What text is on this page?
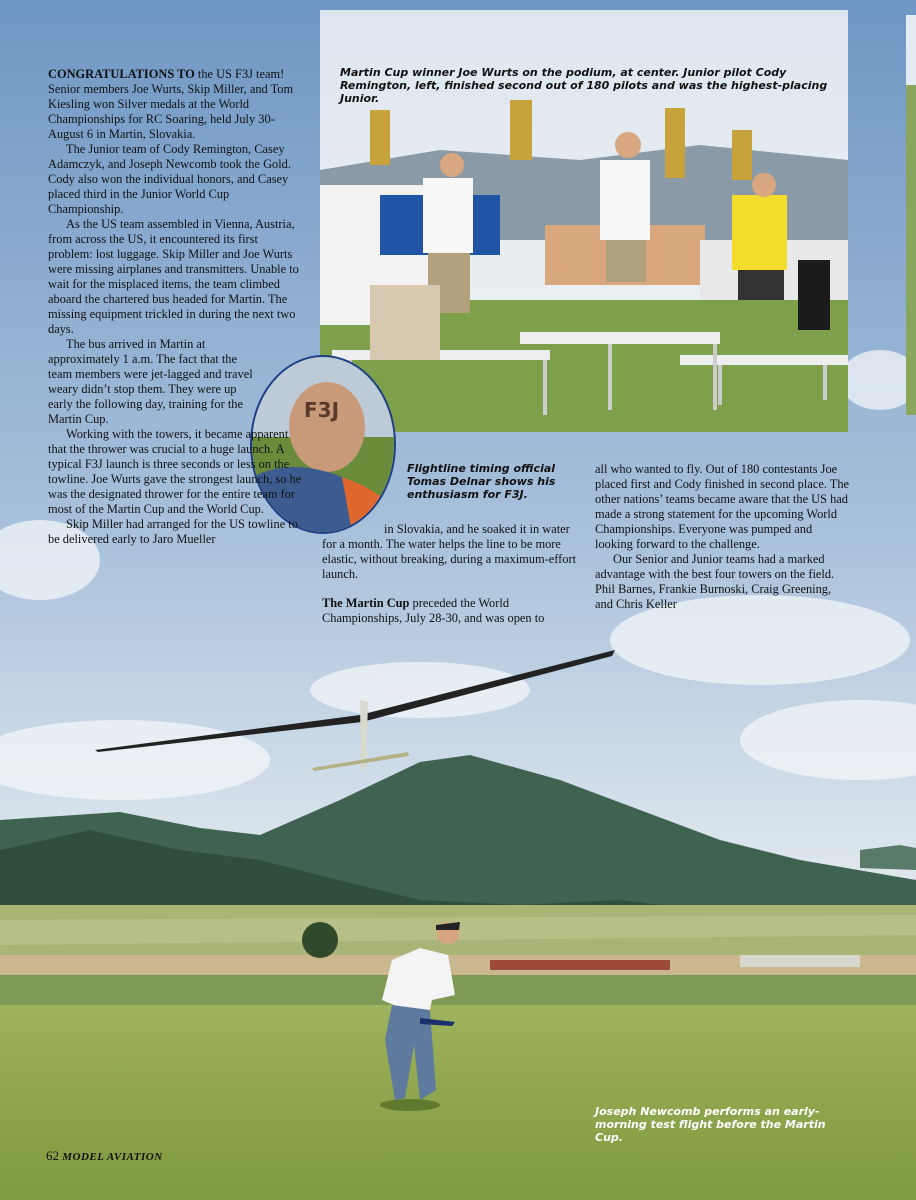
Martin Cup winner Joe Wurts on the podium, at center. Junior pilot Cody Remington, left, finished second out of 180 pilots and was the highest-placing Junior.
F3J
Flightline timing official Tomas Delnar shows his enthusiasm for F3J.

CONGRATULATIONS TO the US F3J team! Senior members Joe Wurts, Skip Miller, and Tom Kiesling won Silver medals at the World Championships for RC Soaring, held July 30-August 6 in Martin, Slovakia.

The Junior team of Cody Remington, Casey Adamczyk, and Joseph Newcomb took the Gold. Cody also won the individual honors, and Casey placed third in the Junior World Cup Championship.

As the US team assembled in Vienna, Austria, from across the US, it encountered its first problem: lost luggage. Skip Miller and Joe Wurts were missing airplanes and transmitters. Unable to wait for the misplaced items, the team climbed aboard the chartered bus headed for Martin. The missing equipment trickled in during the next two days.

The bus arrived in Martin at approximately 1 a.m. The fact that the team members were jet-lagged and travel weary didn’t stop them. They were up early the following day, training for the Martin Cup.

Working with the towers, it became apparent that the thrower was crucial to a huge launch. A typical F3J launch is three seconds or less on the towline. Joe Wurts gave the strongest launch, so he was the designated thrower for the entire team for most of the Martin Cup and the World Cup.

Skip Miller had arranged for the US towline to be delivered early to Jaro Mueller

in Slovakia, and he soaked it in water for a month. The water helps the line to be more elastic, without breaking, during a maximum-effort launch.

The Martin Cup preceded the World Championships, July 28-30, and was open to

all who wanted to fly. Out of 180 contestants Joe placed first and Cody finished in second place. The other nations’ teams became aware that the US had made a strong statement for the upcoming World Championships. Everyone was pumped and looking forward to the challenge.

Our Senior and Junior teams had a marked advantage with the best four towers on the field. Phil Barnes, Frankie Burnoski, Craig Greening, and Chris Keller

Joseph Newcomb performs an early-morning test flight before the Martin Cup.
62 MODEL AVIATION
